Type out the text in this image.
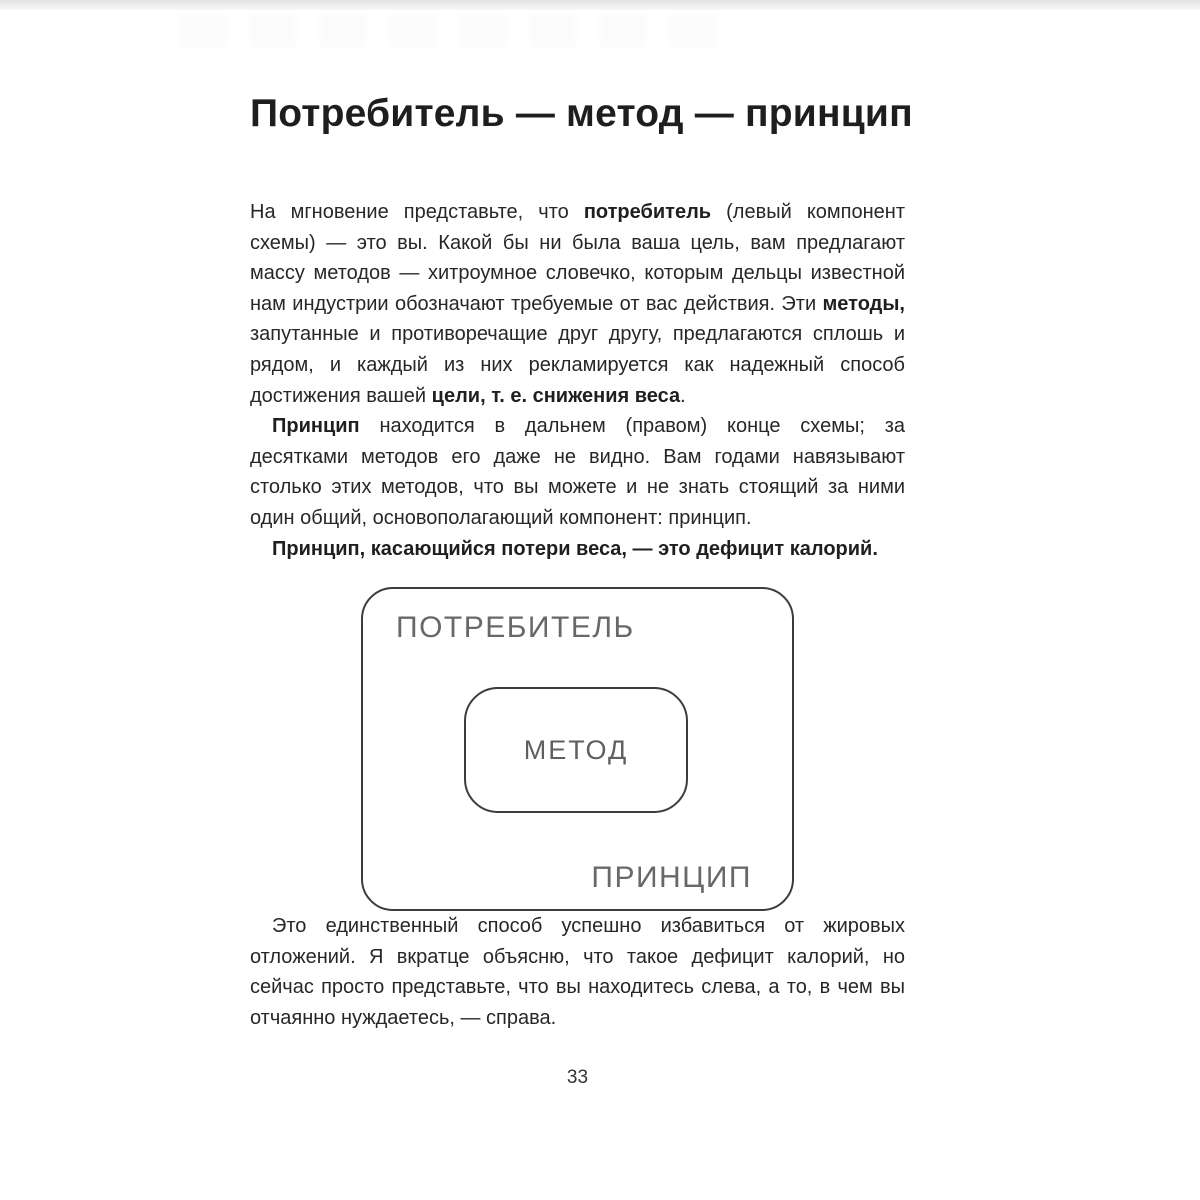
Потребитель — метод — принцип

На мгновение представьте, что потребитель (левый компонент схемы) — это вы. Какой бы ни была ваша цель, вам предлагают массу методов — хитроумное словечко, которым дельцы известной нам индустрии обозначают требуемые от вас действия. Эти методы, запутанные и противоречащие друг другу, предлагаются сплошь и рядом, и каждый из них рекламируется как надежный способ достижения вашей цели, т. е. снижения веса.

Принцип находится в дальнем (правом) конце схемы; за десятками методов его даже не видно. Вам годами навязывают столько этих методов, что вы можете и не знать стоящий за ними один общий, основополагающий компонент: принцип.

Принцип, касающийся потери веса, — это дефицит калорий.

ПОТРЕБИТЕЛЬ
МЕТОД
ПРИНЦИП

Это единственный способ успешно избавиться от жировых отложений. Я вкратце объясню, что такое дефицит калорий, но сейчас просто представьте, что вы находитесь слева, а то, в чем вы отчаянно нуждаетесь, — справа.

33
